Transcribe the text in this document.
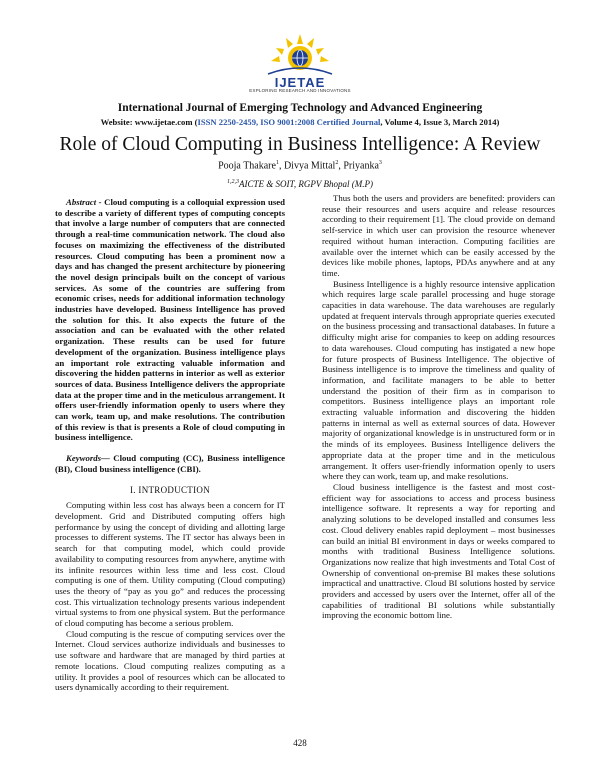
IJETAE
EXPLORING RESEARCH AND INNOVATIONS
International Journal of Emerging Technology and Advanced Engineering
Website: www.ijetae.com (ISSN 2250-2459, ISO 9001:2008 Certified Journal, Volume 4, Issue 3, March 2014)
Role of Cloud Computing in Business Intelligence: A Review
Pooja Thakare$^1$, Divya Mittal$^2$, Priyanka$^3$
$^{1,2,3}$AICTE & SOIT, RGPV Bhopal (M.P)

Abstract - Cloud computing is a colloquial expression used to describe a variety of different types of computing concepts that involve a large number of computers that are connected through a real-time communication network. The cloud also focuses on maximizing the effectiveness of the distributed resources. Cloud computing has been a prominent now a days and has changed the present architecture by pioneering the novel design principals built on the concept of various services. As some of the countries are suffering from economic crises, needs for additional information technology industries have developed. Business Intelligence has proved the solution for this. It also expects the future of the association and can be evaluated with the other related organization. These results can be used for future development of the organization. Business intelligence plays an important role extracting valuable information and discovering the hidden patterns in interior as well as exterior sources of data. Business Intelligence delivers the appropriate data at the proper time and in the meticulous arrangement. It offers user-friendly information openly to users where they can work, team up, and make resolutions. The contribution of this review is that is presents a Role of cloud computing in business intelligence.

Keywords— Cloud computing (CC), Business intelligence (BI), Cloud business intelligence (CBI).

I. INTRODUCTION

Computing within less cost has always been a concern for IT development. Grid and Distributed computing offers high performance by using the concept of dividing and allotting large processes to different systems. The IT sector has always been in search for that computing model, which could provide availability to computing resources from anywhere, anytime with its infinite resources within less time and less cost. Cloud computing is one of them. Utility computing (Cloud computing) uses the theory of “pay as you go” and reduces the processing cost. This virtualization technology presents various independent virtual systems to from one physical system. But the performance of cloud computing has become a serious problem.

Cloud computing is the rescue of computing services over the Internet. Cloud services authorize individuals and businesses to use software and hardware that are managed by third parties at remote locations. Cloud computing realizes computing as a utility. It provides a pool of resources which can be allocated to users dynamically according to their requirement.

Thus both the users and providers are benefited: providers can reuse their resources and users acquire and release resources according to their requirement [1]. The cloud provide on demand self-service in which user can provision the resource whenever required without human interaction. Computing facilities are available over the internet which can be easily accessed by the devices like mobile phones, laptops, PDAs anywhere and at any time.

Business Intelligence is a highly resource intensive application which requires large scale parallel processing and huge storage capacities in data warehouse. The data warehouses are regularly updated at frequent intervals through appropriate queries executed on the business processing and transactional databases. In future a difficulty might arise for companies to keep on adding resources to data warehouses. Cloud computing has instigated a new hope for future prospects of Business Intelligence. The objective of Business intelligence is to improve the timeliness and quality of information, and facilitate managers to be able to better understand the position of their firm as in comparison to competitors. Business intelligence plays an important role extracting valuable information and discovering the hidden patterns in internal as well as external sources of data. However majority of organizational knowledge is in unstructured form or in the minds of its employees. Business Intelligence delivers the appropriate data at the proper time and in the meticulous arrangement. It offers user-friendly information openly to users where they can work, team up, and make resolutions.

Cloud business intelligence is the fastest and most cost-efficient way for associations to access and process business intelligence software. It represents a way for reporting and analyzing solutions to be developed installed and consumes less cost. Cloud delivery enables rapid deployment – most businesses can build an initial BI environment in days or weeks compared to months with traditional Business Intelligence solutions. Organizations now realize that high investments and Total Cost of Ownership of conventional on-premise BI makes these solutions impractical and unattractive. Cloud BI solutions hosted by service providers and accessed by users over the Internet, offer all of the capabilities of traditional BI solutions while substantially improving the economic bottom line.

428
